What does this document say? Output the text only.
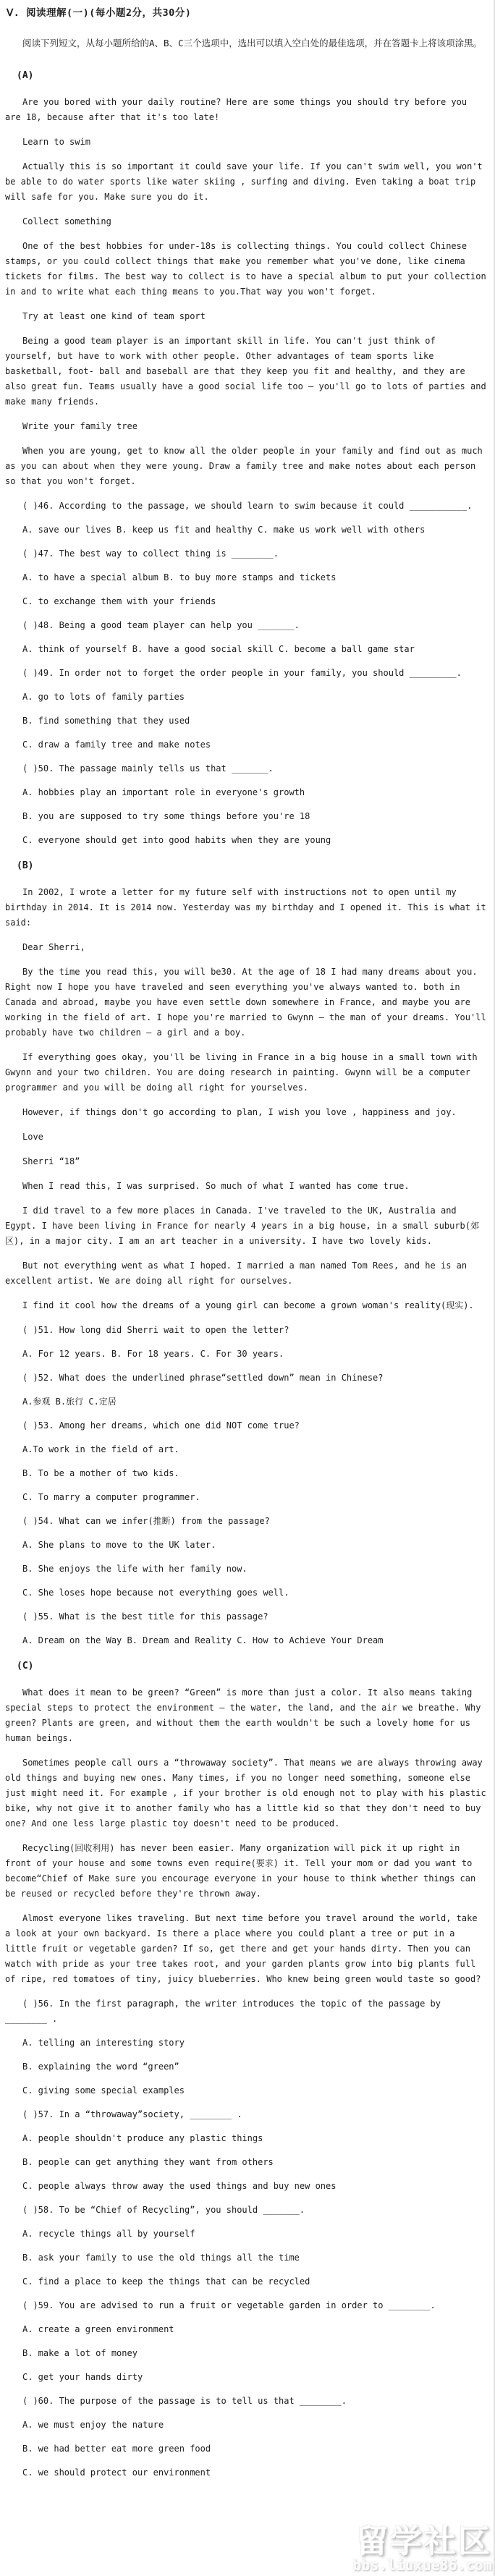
Ⅴ. 阅读理解(一)(每小题2分，共30分)
阅读下列短文，从每小题所给的A、B、C三个选项中，选出可以填入空白处的最佳选项，并在答题卡上将该项涂黑。
(A)
Are you bored with your daily routine? Here are some things you should try before you are 18, because after that it's too late!
Learn to swim
Actually this is so important it could save your life. If you can't swim well, you won't be able to do water sports like water skiing , surfing and diving. Even taking a boat trip will safe for you. Make sure you do it.
Collect something
One of the best hobbies for under-18s is collecting things. You could collect Chinese stamps, or you could collect things that make you remember what you've done, like cinema tickets for films. The best way to collect is to have a special album to put your collection in and to write what each thing means to you.That way you won't forget.
Try at least one kind of team sport
Being a good team player is an important skill in life. You can't just think of yourself, but have to work with other people. Other advantages of team sports like basketball, foot- ball and baseball are that they keep you fit and healthy, and they are also great fun. Teams usually have a good social life too — you'll go to lots of parties and make many friends.
Write your family tree
When you are young, get to know all the older people in your family and find out as much as you can about when they were young. Draw a family tree and make notes about each person so that you won't forget.
( )46. According to the passage, we should learn to swim because it could ___________.
A. save our lives B. keep us fit and healthy C. make us work well with others
( )47. The best way to collect thing is ________.
A. to have a special album B. to buy more stamps and tickets
C. to exchange them with your friends
( )48. Being a good team player can help you _______.
A. think of yourself B. have a good social skill C. become a ball game star
( )49. In order not to forget the order people in your family, you should _________.
A. go to lots of family parties
B. find something that they used
C. draw a family tree and make notes
( )50. The passage mainly tells us that _______.
A. hobbies play an important role in everyone's growth
B. you are supposed to try some things before you're 18
C. everyone should get into good habits when they are young
(B)
In 2002, I wrote a letter for my future self with instructions not to open until my birthday in 2014. It is 2014 now. Yesterday was my birthday and I opened it. This is what it said:
Dear Sherri,
By the time you read this, you will be30. At the age of 18 I had many dreams about you. Right now I hope you have traveled and seen everything you've always wanted to. both in Canada and abroad, maybe you have even settle down somewhere in France, and maybe you are working in the field of art. I hope you're married to Gwynn — the man of your dreams. You'll probably have two children — a girl and a boy.
If everything goes okay, you'll be living in France in a big house in a small town with Gwynn and your two children. You are doing research in painting. Gwynn will be a computer programmer and you will be doing all right for yourselves.
However, if things don't go according to plan, I wish you love , happiness and joy.
Love
Sherri “18”
When I read this, I was surprised. So much of what I wanted has come true.
I did travel to a few more places in Canada. I've traveled to the UK, Australia and Egypt. I have been living in France for nearly 4 years in a big house, in a small suburb(郊区), in a major city. I am an art teacher in a university. I have two lovely kids.
But not everything went as what I hoped. I married a man named Tom Rees, and he is an excellent artist. We are doing all right for ourselves.
I find it cool how the dreams of a young girl can become a grown woman's reality(现实).
( )51. How long did Sherri wait to open the letter?
A. For 12 years. B. For 18 years. C. For 30 years.
( )52. What does the underlined phrase“settled down” mean in Chinese?
A.参观 B.旅行 C.定居
( )53. Among her dreams, which one did NOT come true?
A.To work in the field of art.
B. To be a mother of two kids.
C. To marry a computer programmer.
( )54. What can we infer(推断) from the passage?
A. She plans to move to the UK later.
B. She enjoys the life with her family now.
C. She loses hope because not everything goes well.
( )55. What is the best title for this passage?
A. Dream on the Way B. Dream and Reality C. How to Achieve Your Dream
(C)
What does it mean to be green? “Green” is more than just a color. It also means taking special steps to protect the environment — the water, the land, and the air we breathe. Why green? Plants are green, and without them the earth wouldn't be such a lovely home for us human beings.
Sometimes people call ours a “throwaway society”. That means we are always throwing away old things and buying new ones. Many times, if you no longer need something, someone else just might need it. For example , if your brother is old enough not to play with his plastic bike, why not give it to another family who has a little kid so that they don't need to buy one? And one less large plastic toy doesn't need to be produced.
Recycling(回收利用) has never been easier. Many organization will pick it up right in front of your house and some towns even require(要求) it. Tell your mom or dad you want to become“Chief of Make sure you encourage everyone in your house to think whether things can be reused or recycled before they're thrown away.
Almost everyone likes traveling. But next time before you travel around the world, take a look at your own backyard. Is there a place where you could plant a tree or put in a little fruit or vegetable garden? If so, get there and get your hands dirty. Then you can watch with pride as your tree takes root, and your garden plants grow into big plants full of ripe, red tomatoes of tiny, juicy blueberries. Who knew being green would taste so good?
( )56. In the first paragraph, the writer introduces the topic of the passage by ________ .
A. telling an interesting story
B. explaining the word “green”
C. giving some special examples
( )57. In a “throwaway”society, ________ .
A. people shouldn't produce any plastic things
B. people can get anything they want from others
C. people always throw away the used things and buy new ones
( )58. To be “Chief of Recycling”, you should _______.
A. recycle things all by yourself
B. ask your family to use the old things all the time
C. find a place to keep the things that can be recycled
( )59. You are advised to run a fruit or vegetable garden in order to ________.
A. create a green environment
B. make a lot of money
C. get your hands dirty
( )60. The purpose of the passage is to tell us that ________.
A. we must enjoy the nature
B. we had better eat more green food
C. we should protect our environment
留学社区
bbs.liuxue86.com
